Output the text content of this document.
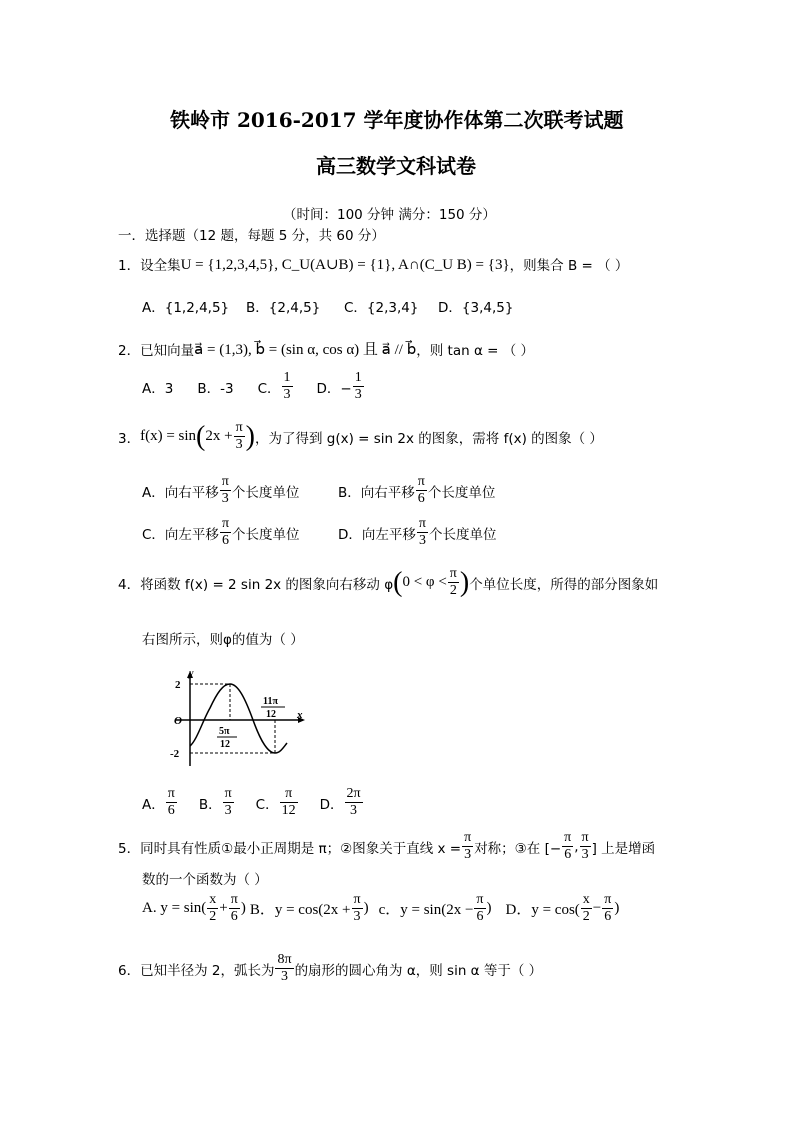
铁岭市 2016-2017 学年度协作体第二次联考试题
高三数学文科试卷
（时间：100 分钟 满分：150 分）
一．选择题（12 题，每题 5 分，共 60 分）
1． 设全集 U = {1,2,3,4,5}, C_U(A∪B) = {1}, A∩(C_U B) = {3} ，则集合 B = （ ）
A．{1,2,4,5} B．{2,4,5} C．{2,3,4} D．{3,4,5}
2． 已知向量 a⃗ = (1,3), b⃗ = (sin α, cos α) 且 a⃗ // b⃗ ，则 tan α = （ ）
A．3 B．-3 C． $\frac{1}{3}$ D．− $\frac{1}{3}$
3． f(x) = sin ( $2x + \frac{\pi}{3}$ ) ，为了得到 g(x) = sin 2x 的图象，需将 f(x) 的图象（ ）
A．向右平移 $\frac{\pi}{3}$ 个长度单位	B．向右平移 $\frac{\pi}{6}$ 个长度单位
C．向左平移 $\frac{\pi}{6}$ 个长度单位	D．向左平移 $\frac{\pi}{3}$ 个长度单位
4． 将函数 f(x) = 2 sin 2x 的图象向右移动 φ ( $0 < \varphi < \frac{\pi}{2}$ ) 个单位长度，所得的部分图象如
右图所示，则φ的值为（ ）
y
x
O
2
-2
5π
12
11π
12
A． $\frac{\pi}{6}$ B． $\frac{\pi}{3}$ C． $\frac{\pi}{12}$ D． $\frac{2\pi}{3}$
5． 同时具有性质①最小正周期是 π；②图象关于直线 $x = \frac{\pi}{3}$ 对称；③在 [− $\frac{\pi}{6}$ , $\frac{\pi}{3}$ ] 上是增函
数的一个函数为（ ）
A. $y = \sin( \frac{x}{2} + \frac{\pi}{6}$ ) B．$y = \cos(2x + \frac{\pi}{3}$ ) c．$y = \sin(2x - \frac{\pi}{6}$ ) D．$y = \cos( \frac{x}{2} - \frac{\pi}{6}$ )
6． 已知半径为 2，弧长为 $\frac{8\pi}{3}$ 的扇形的圆心角为 α，则 sin α 等于（ ）
